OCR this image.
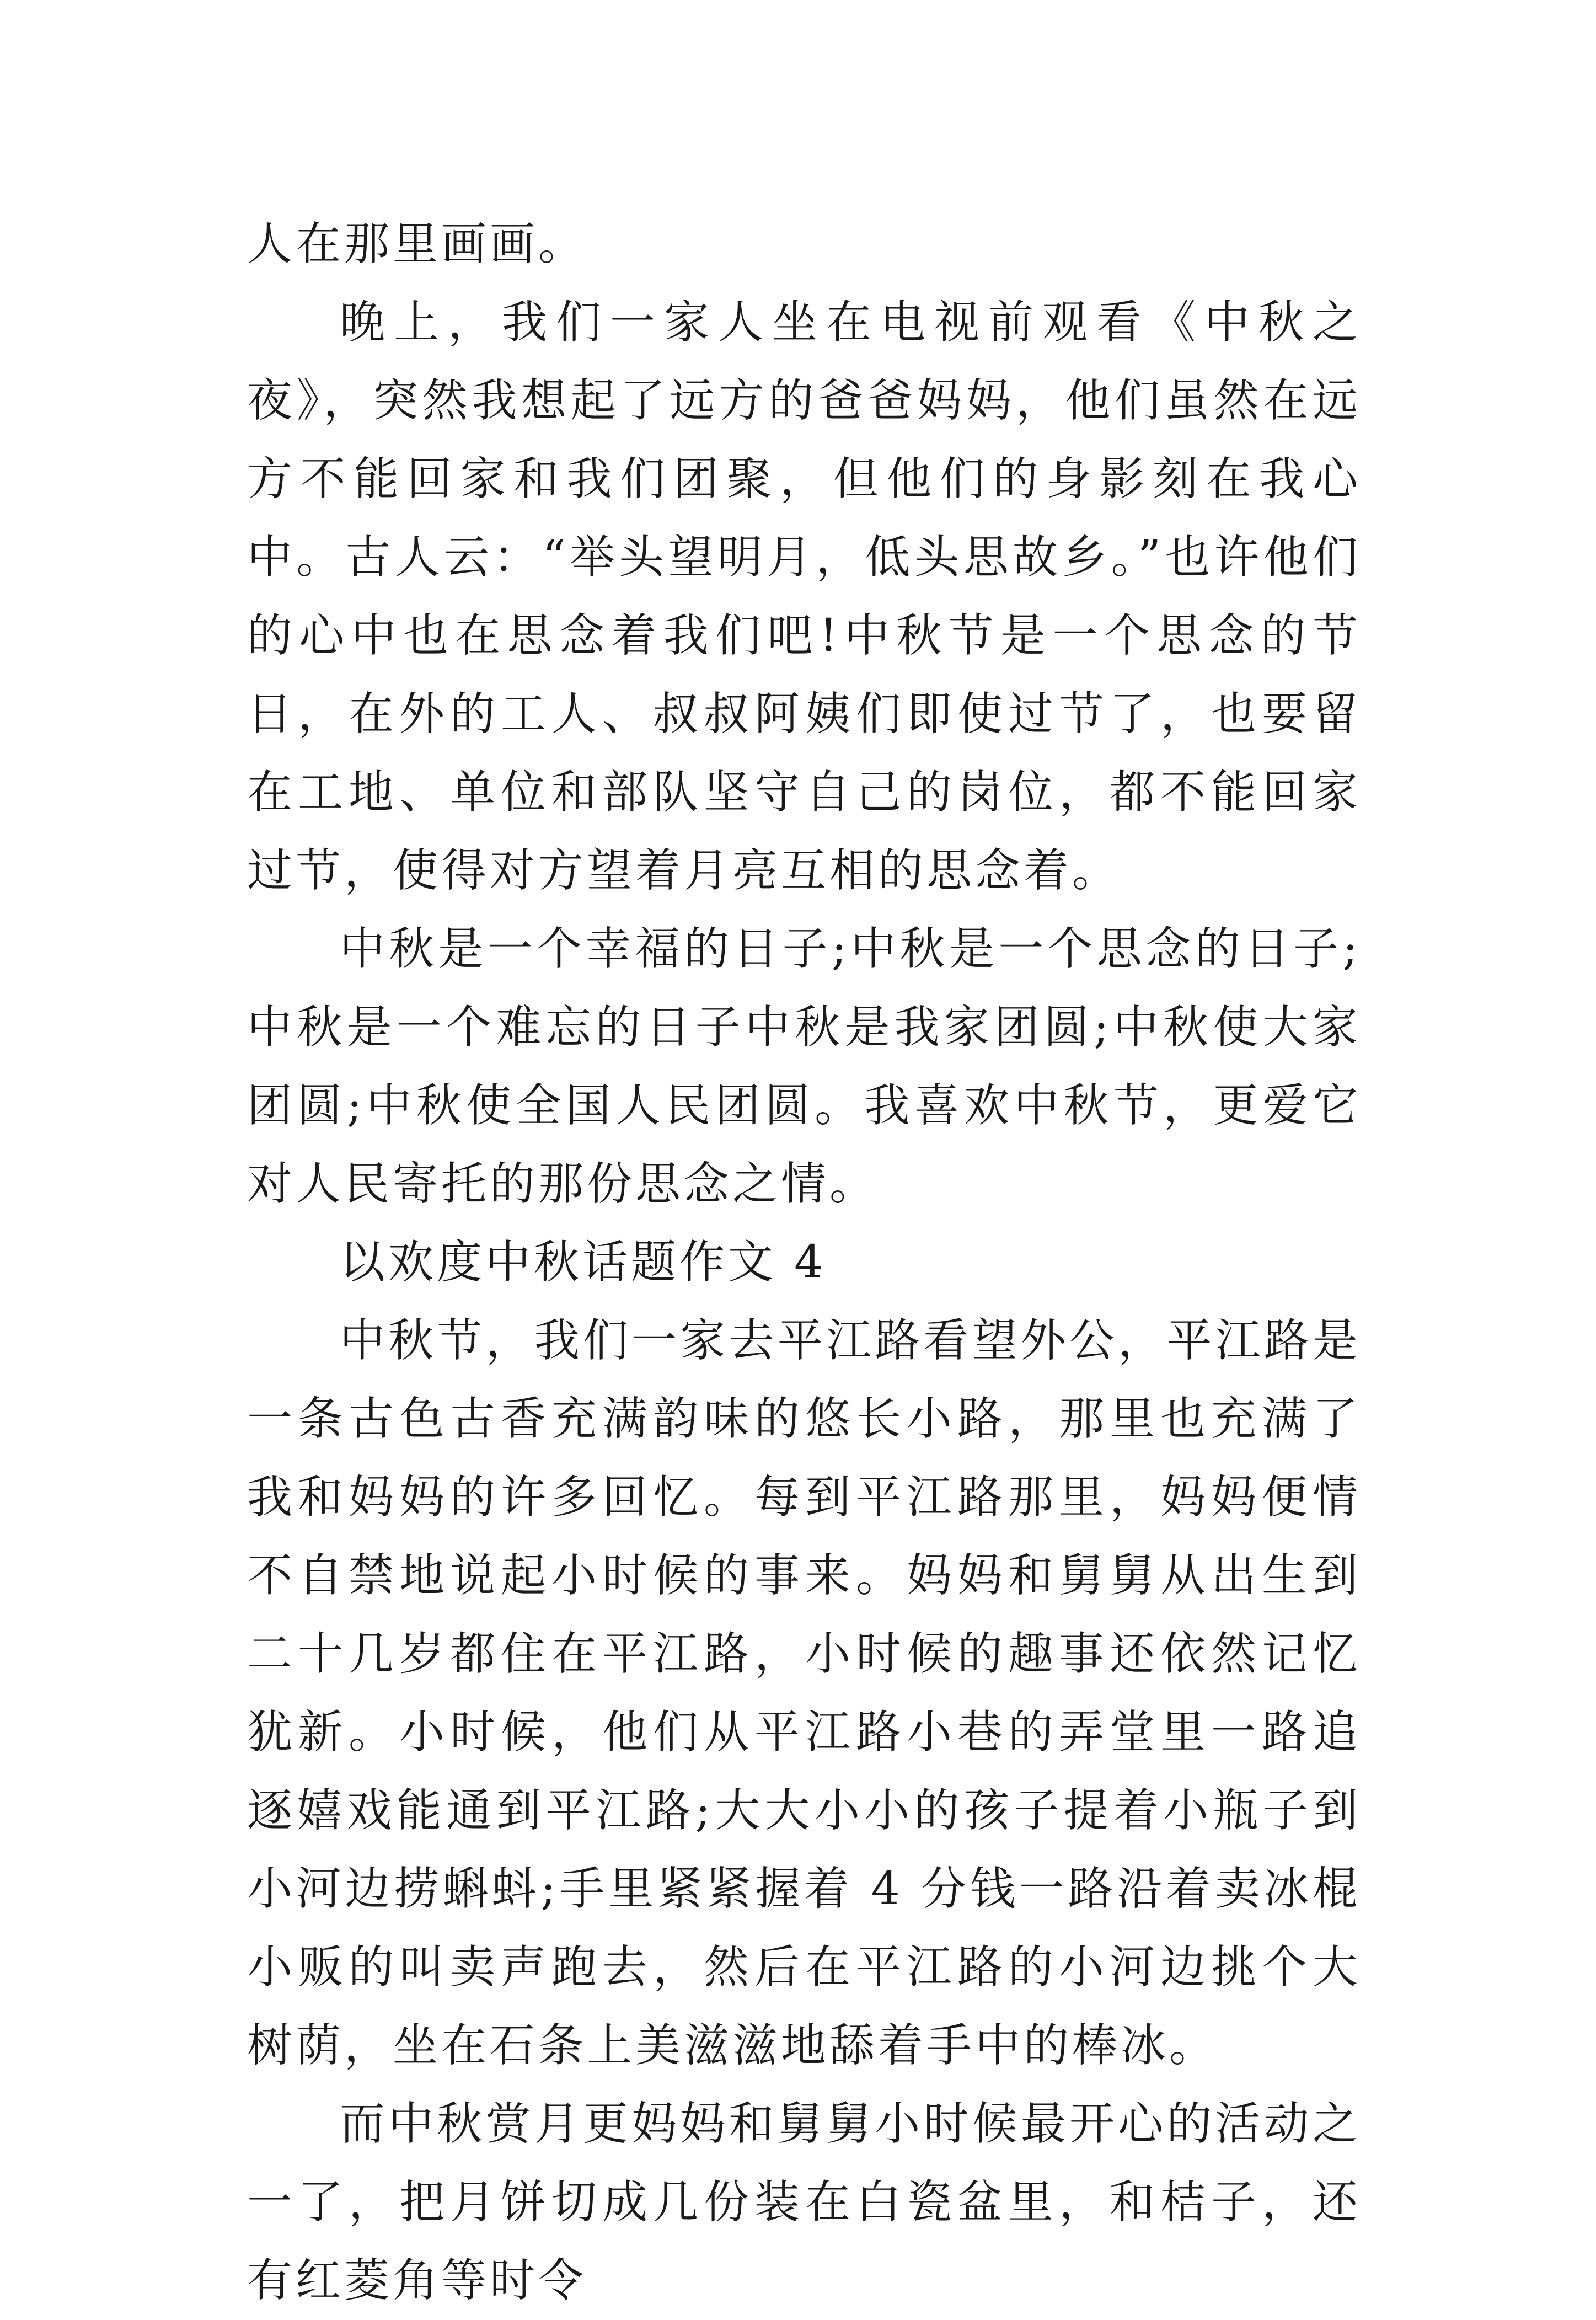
人在那里画画。

晚上，我们一家人坐在电视前观看《中秋之夜》，突然我想起了远方的爸爸妈妈，他们虽然在远方不能回家和我们团聚，但他们的身影刻在我心中。古人云：“举头望明月，低头思故乡。”也许他们的心中也在思念着我们吧!中秋节是一个思念的节日，在外的工人、叔叔阿姨们即使过节了，也要留在工地、单位和部队坚守自己的岗位，都不能回家过节，使得对方望着月亮互相的思念着。

中秋是一个幸福的日子;中秋是一个思念的日子;中秋是一个难忘的日子中秋是我家团圆;中秋使大家团圆;中秋使全国人民团圆。我喜欢中秋节，更爱它对人民寄托的那份思念之情。

以欢度中秋话题作文 4

中秋节，我们一家去平江路看望外公，平江路是一条古色古香充满韵味的悠长小路，那里也充满了我和妈妈的许多回忆。每到平江路那里，妈妈便情不自禁地说起小时候的事来。妈妈和舅舅从出生到二十几岁都住在平江路，小时候的趣事还依然记忆犹新。小时候，他们从平江路小巷的弄堂里一路追逐嬉戏能通到平江路;大大小小的孩子提着小瓶子到小河边捞蝌蚪;手里紧紧握着 4 分钱一路沿着卖冰棍小贩的叫卖声跑去，然后在平江路的小河边挑个大树荫，坐在石条上美滋滋地舔着手中的棒冰。

而中秋赏月更妈妈和舅舅小时候最开心的活动之一了，把月饼切成几份装在白瓷盆里，和桔子，还有红菱角等时令
